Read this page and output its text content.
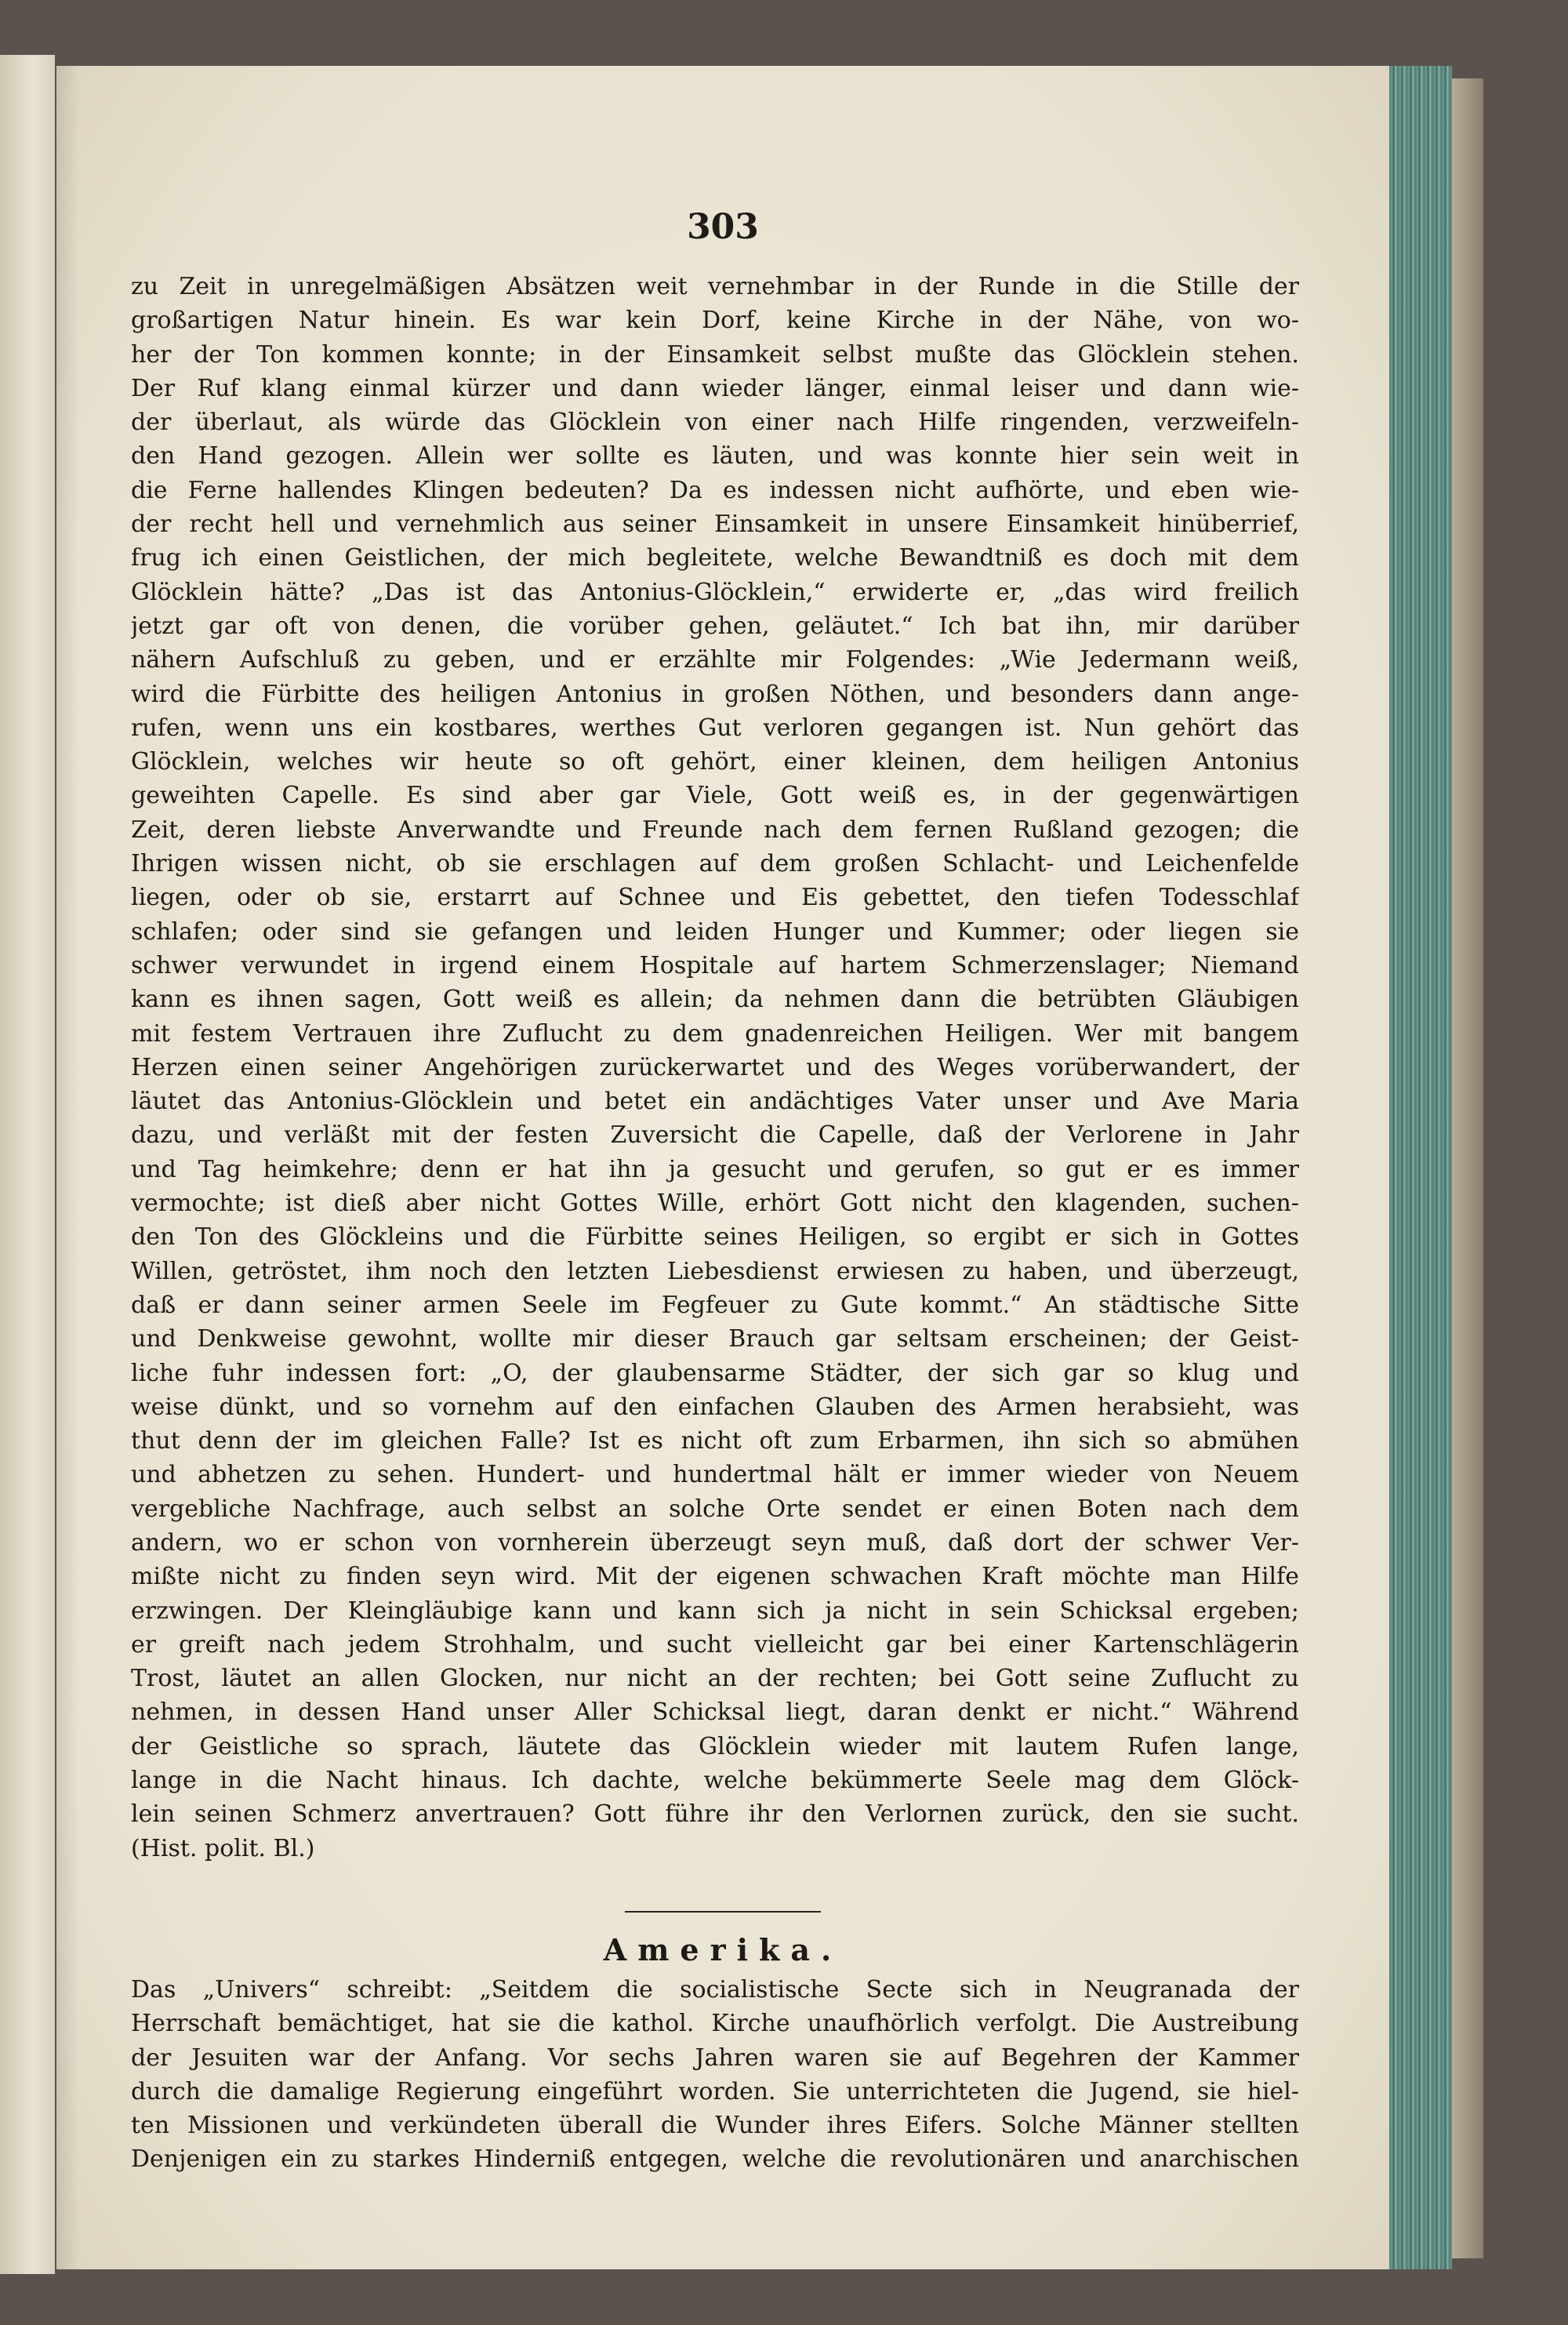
303
zu Zeit in unregelmäßigen Absätzen weit vernehmbar in der Runde in die Stille der
großartigen Natur hinein. Es war kein Dorf, keine Kirche in der Nähe, von wo-
her der Ton kommen konnte; in der Einsamkeit selbst mußte das Glöcklein stehen.
Der Ruf klang einmal kürzer und dann wieder länger, einmal leiser und dann wie-
der überlaut, als würde das Glöcklein von einer nach Hilfe ringenden, verzweifeln-
den Hand gezogen. Allein wer sollte es läuten, und was konnte hier sein weit in
die Ferne hallendes Klingen bedeuten? Da es indessen nicht aufhörte, und eben wie-
der recht hell und vernehmlich aus seiner Einsamkeit in unsere Einsamkeit hinüberrief,
frug ich einen Geistlichen, der mich begleitete, welche Bewandtniß es doch mit dem
Glöcklein hätte? „Das ist das Antonius-Glöcklein,“ erwiderte er, „das wird freilich
jetzt gar oft von denen, die vorüber gehen, geläutet.“ Ich bat ihn, mir darüber
nähern Aufschluß zu geben, und er erzählte mir Folgendes: „Wie Jedermann weiß,
wird die Fürbitte des heiligen Antonius in großen Nöthen, und besonders dann ange-
rufen, wenn uns ein kostbares, werthes Gut verloren gegangen ist. Nun gehört das
Glöcklein, welches wir heute so oft gehört, einer kleinen, dem heiligen Antonius
geweihten Capelle. Es sind aber gar Viele, Gott weiß es, in der gegenwärtigen
Zeit, deren liebste Anverwandte und Freunde nach dem fernen Rußland gezogen; die
Ihrigen wissen nicht, ob sie erschlagen auf dem großen Schlacht- und Leichenfelde
liegen, oder ob sie, erstarrt auf Schnee und Eis gebettet, den tiefen Todesschlaf
schlafen; oder sind sie gefangen und leiden Hunger und Kummer; oder liegen sie
schwer verwundet in irgend einem Hospitale auf hartem Schmerzenslager; Niemand
kann es ihnen sagen, Gott weiß es allein; da nehmen dann die betrübten Gläubigen
mit festem Vertrauen ihre Zuflucht zu dem gnadenreichen Heiligen. Wer mit bangem
Herzen einen seiner Angehörigen zurückerwartet und des Weges vorüberwandert, der
läutet das Antonius-Glöcklein und betet ein andächtiges Vater unser und Ave Maria
dazu, und verläßt mit der festen Zuversicht die Capelle, daß der Verlorene in Jahr
und Tag heimkehre; denn er hat ihn ja gesucht und gerufen, so gut er es immer
vermochte; ist dieß aber nicht Gottes Wille, erhört Gott nicht den klagenden, suchen-
den Ton des Glöckleins und die Fürbitte seines Heiligen, so ergibt er sich in Gottes
Willen, getröstet, ihm noch den letzten Liebesdienst erwiesen zu haben, und überzeugt,
daß er dann seiner armen Seele im Fegfeuer zu Gute kommt.“ An städtische Sitte
und Denkweise gewohnt, wollte mir dieser Brauch gar seltsam erscheinen; der Geist-
liche fuhr indessen fort: „O, der glaubensarme Städter, der sich gar so klug und
weise dünkt, und so vornehm auf den einfachen Glauben des Armen herabsieht, was
thut denn der im gleichen Falle? Ist es nicht oft zum Erbarmen, ihn sich so abmühen
und abhetzen zu sehen. Hundert- und hundertmal hält er immer wieder von Neuem
vergebliche Nachfrage, auch selbst an solche Orte sendet er einen Boten nach dem
andern, wo er schon von vornherein überzeugt seyn muß, daß dort der schwer Ver-
mißte nicht zu finden seyn wird. Mit der eigenen schwachen Kraft möchte man Hilfe
erzwingen. Der Kleingläubige kann und kann sich ja nicht in sein Schicksal ergeben;
er greift nach jedem Strohhalm, und sucht vielleicht gar bei einer Kartenschlägerin
Trost, läutet an allen Glocken, nur nicht an der rechten; bei Gott seine Zuflucht zu
nehmen, in dessen Hand unser Aller Schicksal liegt, daran denkt er nicht.“ Während
der Geistliche so sprach, läutete das Glöcklein wieder mit lautem Rufen lange,
lange in die Nacht hinaus. Ich dachte, welche bekümmerte Seele mag dem Glöck-
lein seinen Schmerz anvertrauen? Gott führe ihr den Verlornen zurück, den sie sucht.
(Hist. polit. Bl.)
Amerika.
Das „Univers“ schreibt: „Seitdem die socialistische Secte sich in Neugranada der
Herrschaft bemächtiget, hat sie die kathol. Kirche unaufhörlich verfolgt. Die Austreibung
der Jesuiten war der Anfang. Vor sechs Jahren waren sie auf Begehren der Kammer
durch die damalige Regierung eingeführt worden. Sie unterrichteten die Jugend, sie hiel-
ten Missionen und verkündeten überall die Wunder ihres Eifers. Solche Männer stellten
Denjenigen ein zu starkes Hinderniß entgegen, welche die revolutionären und anarchischen
